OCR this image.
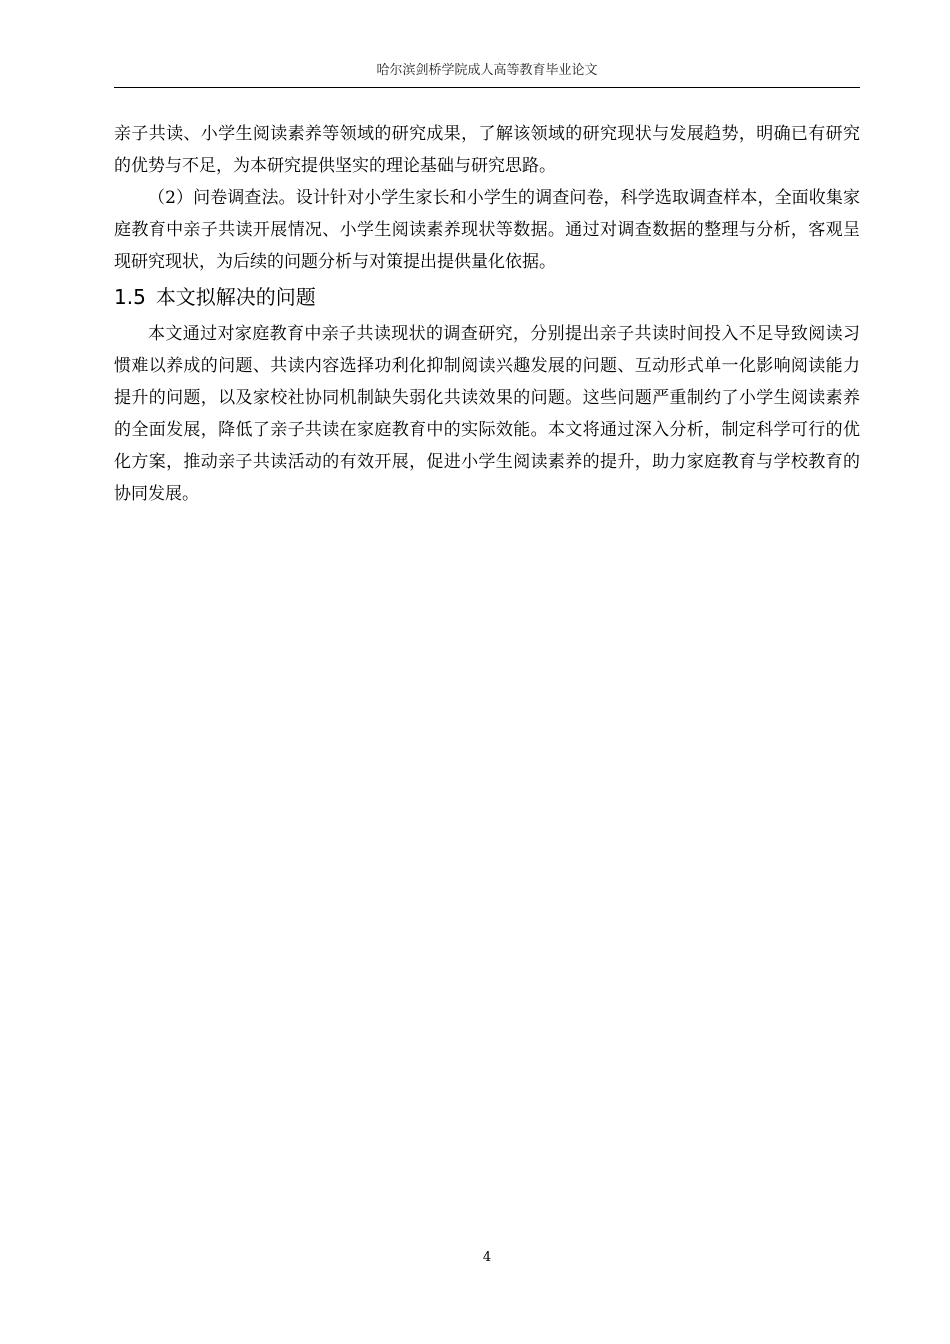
哈尔滨剑桥学院成人高等教育毕业论文

亲子共读、小学生阅读素养等领域的研究成果，了解该领域的研究现状与发展趋势，明确已有研究的优势与不足，为本研究提供坚实的理论基础与研究思路。

（2）问卷调查法。设计针对小学生家长和小学生的调查问卷，科学选取调查样本，全面收集家庭教育中亲子共读开展情况、小学生阅读素养现状等数据。通过对调查数据的整理与分析，客观呈现研究现状，为后续的问题分析与对策提出提供量化依据。

1.5 本文拟解决的问题

本文通过对家庭教育中亲子共读现状的调查研究，分别提出亲子共读时间投入不足导致阅读习惯难以养成的问题、共读内容选择功利化抑制阅读兴趣发展的问题、互动形式单一化影响阅读能力提升的问题，以及家校社协同机制缺失弱化共读效果的问题。这些问题严重制约了小学生阅读素养的全面发展，降低了亲子共读在家庭教育中的实际效能。本文将通过深入分析，制定科学可行的优化方案，推动亲子共读活动的有效开展，促进小学生阅读素养的提升，助力家庭教育与学校教育的协同发展。

4
